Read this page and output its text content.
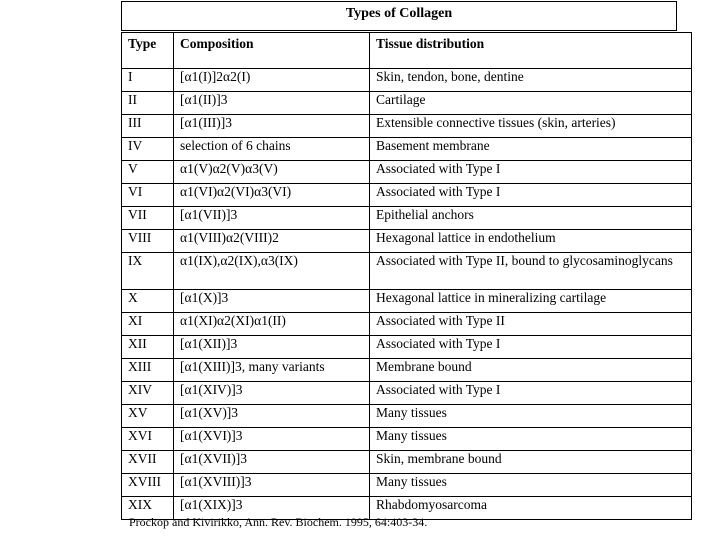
Types of Collagen
Type	Composition	Tissue distribution
I	[α1(I)]2α2(I)	Skin, tendon, bone, dentine
II	[α1(II)]3	Cartilage
III	[α1(III)]3	Extensible connective tissues (skin, arteries)
IV	selection of 6 chains	Basement membrane
V	α1(V)α2(V)α3(V)	Associated with Type I
VI	α1(VI)α2(VI)α3(VI)	Associated with Type I
VII	[α1(VII)]3	Epithelial anchors
VIII	α1(VIII)α2(VIII)2	Hexagonal lattice in endothelium
IX	α1(IX),α2(IX),α3(IX)	Associated with Type II, bound to glycosaminoglycans
X	[α1(X)]3	Hexagonal lattice in mineralizing cartilage
XI	α1(XI)α2(XI)α1(II)	Associated with Type II
XII	[α1(XII)]3	Associated with Type I
XIII	[α1(XIII)]3, many variants	Membrane bound
XIV	[α1(XIV)]3	Associated with Type I
XV	[α1(XV)]3	Many tissues
XVI	[α1(XVI)]3	Many tissues
XVII	[α1(XVII)]3	Skin, membrane bound
XVIII	[α1(XVIII)]3	Many tissues
XIX	[α1(XIX)]3	Rhabdomyosarcoma
Prockop and Kivirikko, Ann. Rev. Biochem. 1995, 64:403-34.
